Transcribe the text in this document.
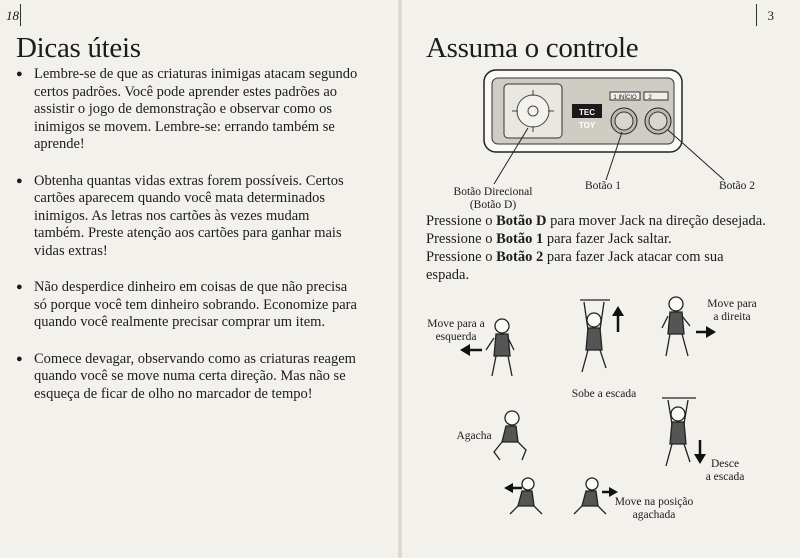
18
Dicas úteis
● Lembre-se de que as criaturas inimigas atacam segundo certos padrões. Você pode aprender estes padrões ao assistir o jogo de demonstração e observar como os inimigos se movem. Lembre-se: errando também se aprende!
● Obtenha quantas vidas extras forem possíveis. Certos cartões aparecem quando você mata determinados inimigos. As letras nos cartões às vezes mudam também. Preste atenção aos cartões para ganhar mais vidas extras!
● Não desperdice dinheiro em coisas de que não precisa só porque você tem dinheiro sobrando. Economize para quando você realmente precisar comprar um item.
● Comece devagar, observando como as criaturas reagem quando você se move numa certa direção. Mas não se esqueça de ficar de olho no marcador de tempo!
3
Assuma o controle
TEC TOY
1 INÍCIO	2
Botão Direcional
(Botão D)
Botão 1	Botão 2

Pressione o Botão D para mover Jack na direção desejada.

Pressione o Botão 1 para fazer Jack saltar.

Pressione o Botão 2 para fazer Jack atacar com sua espada.

Move para a
esquerda
Move para
a direita
Sobe a escada
Agacha
Desce
a escada
Move na posição
agachada
